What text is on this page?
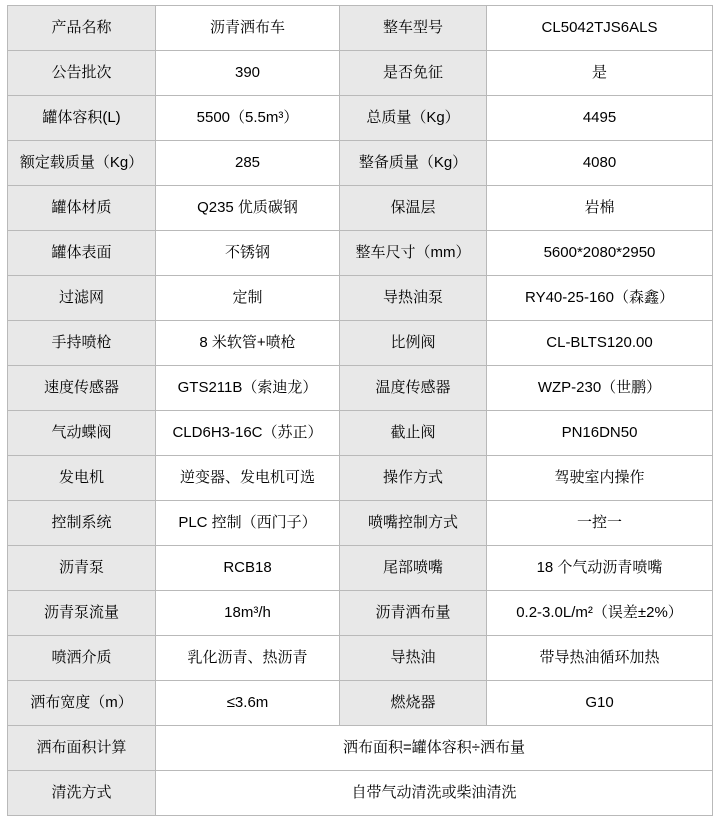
产品名称	沥青洒布车	整车型号	CL5042TJS6ALS
公告批次	390	是否免征	是
罐体容积(L)	5500（5.5m³）	总质量（Kg）	4495
额定载质量（Kg）	285	整备质量（Kg）	4080
罐体材质	Q235 优质碳钢	保温层	岩棉
罐体表面	不锈钢	整车尺寸（mm）	5600*2080*2950
过滤网	定制	导热油泵	RY40-25-160（森鑫）
手持喷枪	8 米软管+喷枪	比例阀	CL-BLTS120.00
速度传感器	GTS211B（索迪龙）	温度传感器	WZP-230（世鹏）
气动蝶阀	CLD6H3-16C（苏正）	截止阀	PN16DN50
发电机	逆变器、发电机可选	操作方式	驾驶室内操作
控制系统	PLC 控制（西门子）	喷嘴控制方式	一控一
沥青泵	RCB18	尾部喷嘴	18 个气动沥青喷嘴
沥青泵流量	18m³/h	沥青洒布量	0.2-3.0L/m²（误差±2%）
喷洒介质	乳化沥青、热沥青	导热油	带导热油循环加热
洒布宽度（m）	≤3.6m	燃烧器	G10
洒布面积计算	洒布面积=罐体容积÷洒布量		
清洗方式	自带气动清洗或柴油清洗		
